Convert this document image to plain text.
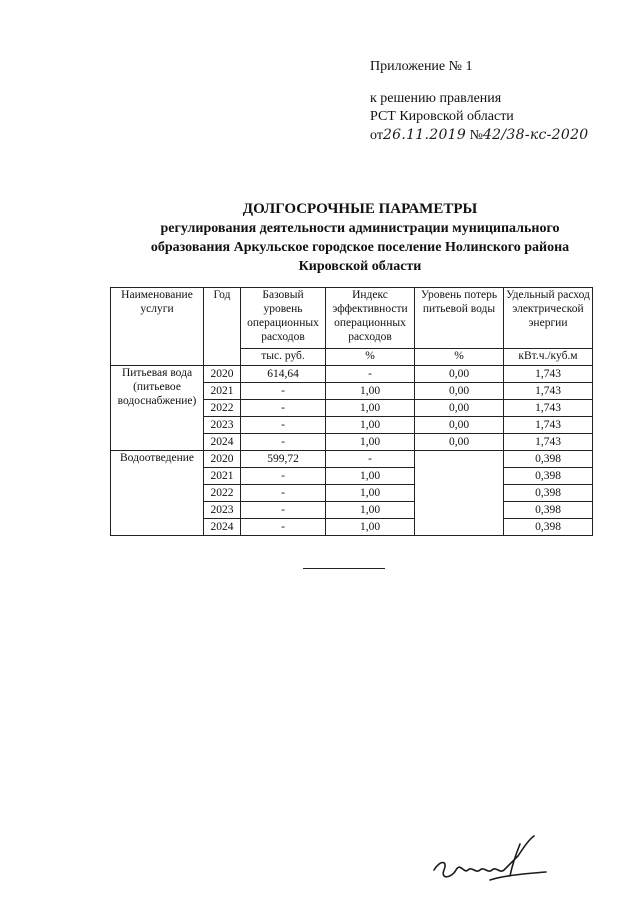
Приложение № 1
к решению правления
РСТ Кировской области
от26.11.2019 №42/38-кс-2020
ДОЛГОСРОЧНЫЕ ПАРАМЕТРЫ
регулирования деятельности администрации муниципального
образования Аркульское городское поселение Нолинского района
Кировской области
Наименование услуги	Год	Базовый уровень операционных расходов	Индекс эффективности операционных расходов	Уровень потерь питьевой воды	Удельный расход электрической энергии
		тыс. руб.	%	%	кВт.ч./куб.м
Питьевая вода (питьевое водоснабжение)	2020	614,64	-	0,00	1,743
	2021	-	1,00	0,00	1,743
	2022	-	1,00	0,00	1,743
	2023	-	1,00	0,00	1,743
	2024	-	1,00	0,00	1,743
Водоотведение	2020	599,72	-		0,398
	2021	-	1,00		0,398
	2022	-	1,00		0,398
	2023	-	1,00		0,398
	2024	-	1,00		0,398
